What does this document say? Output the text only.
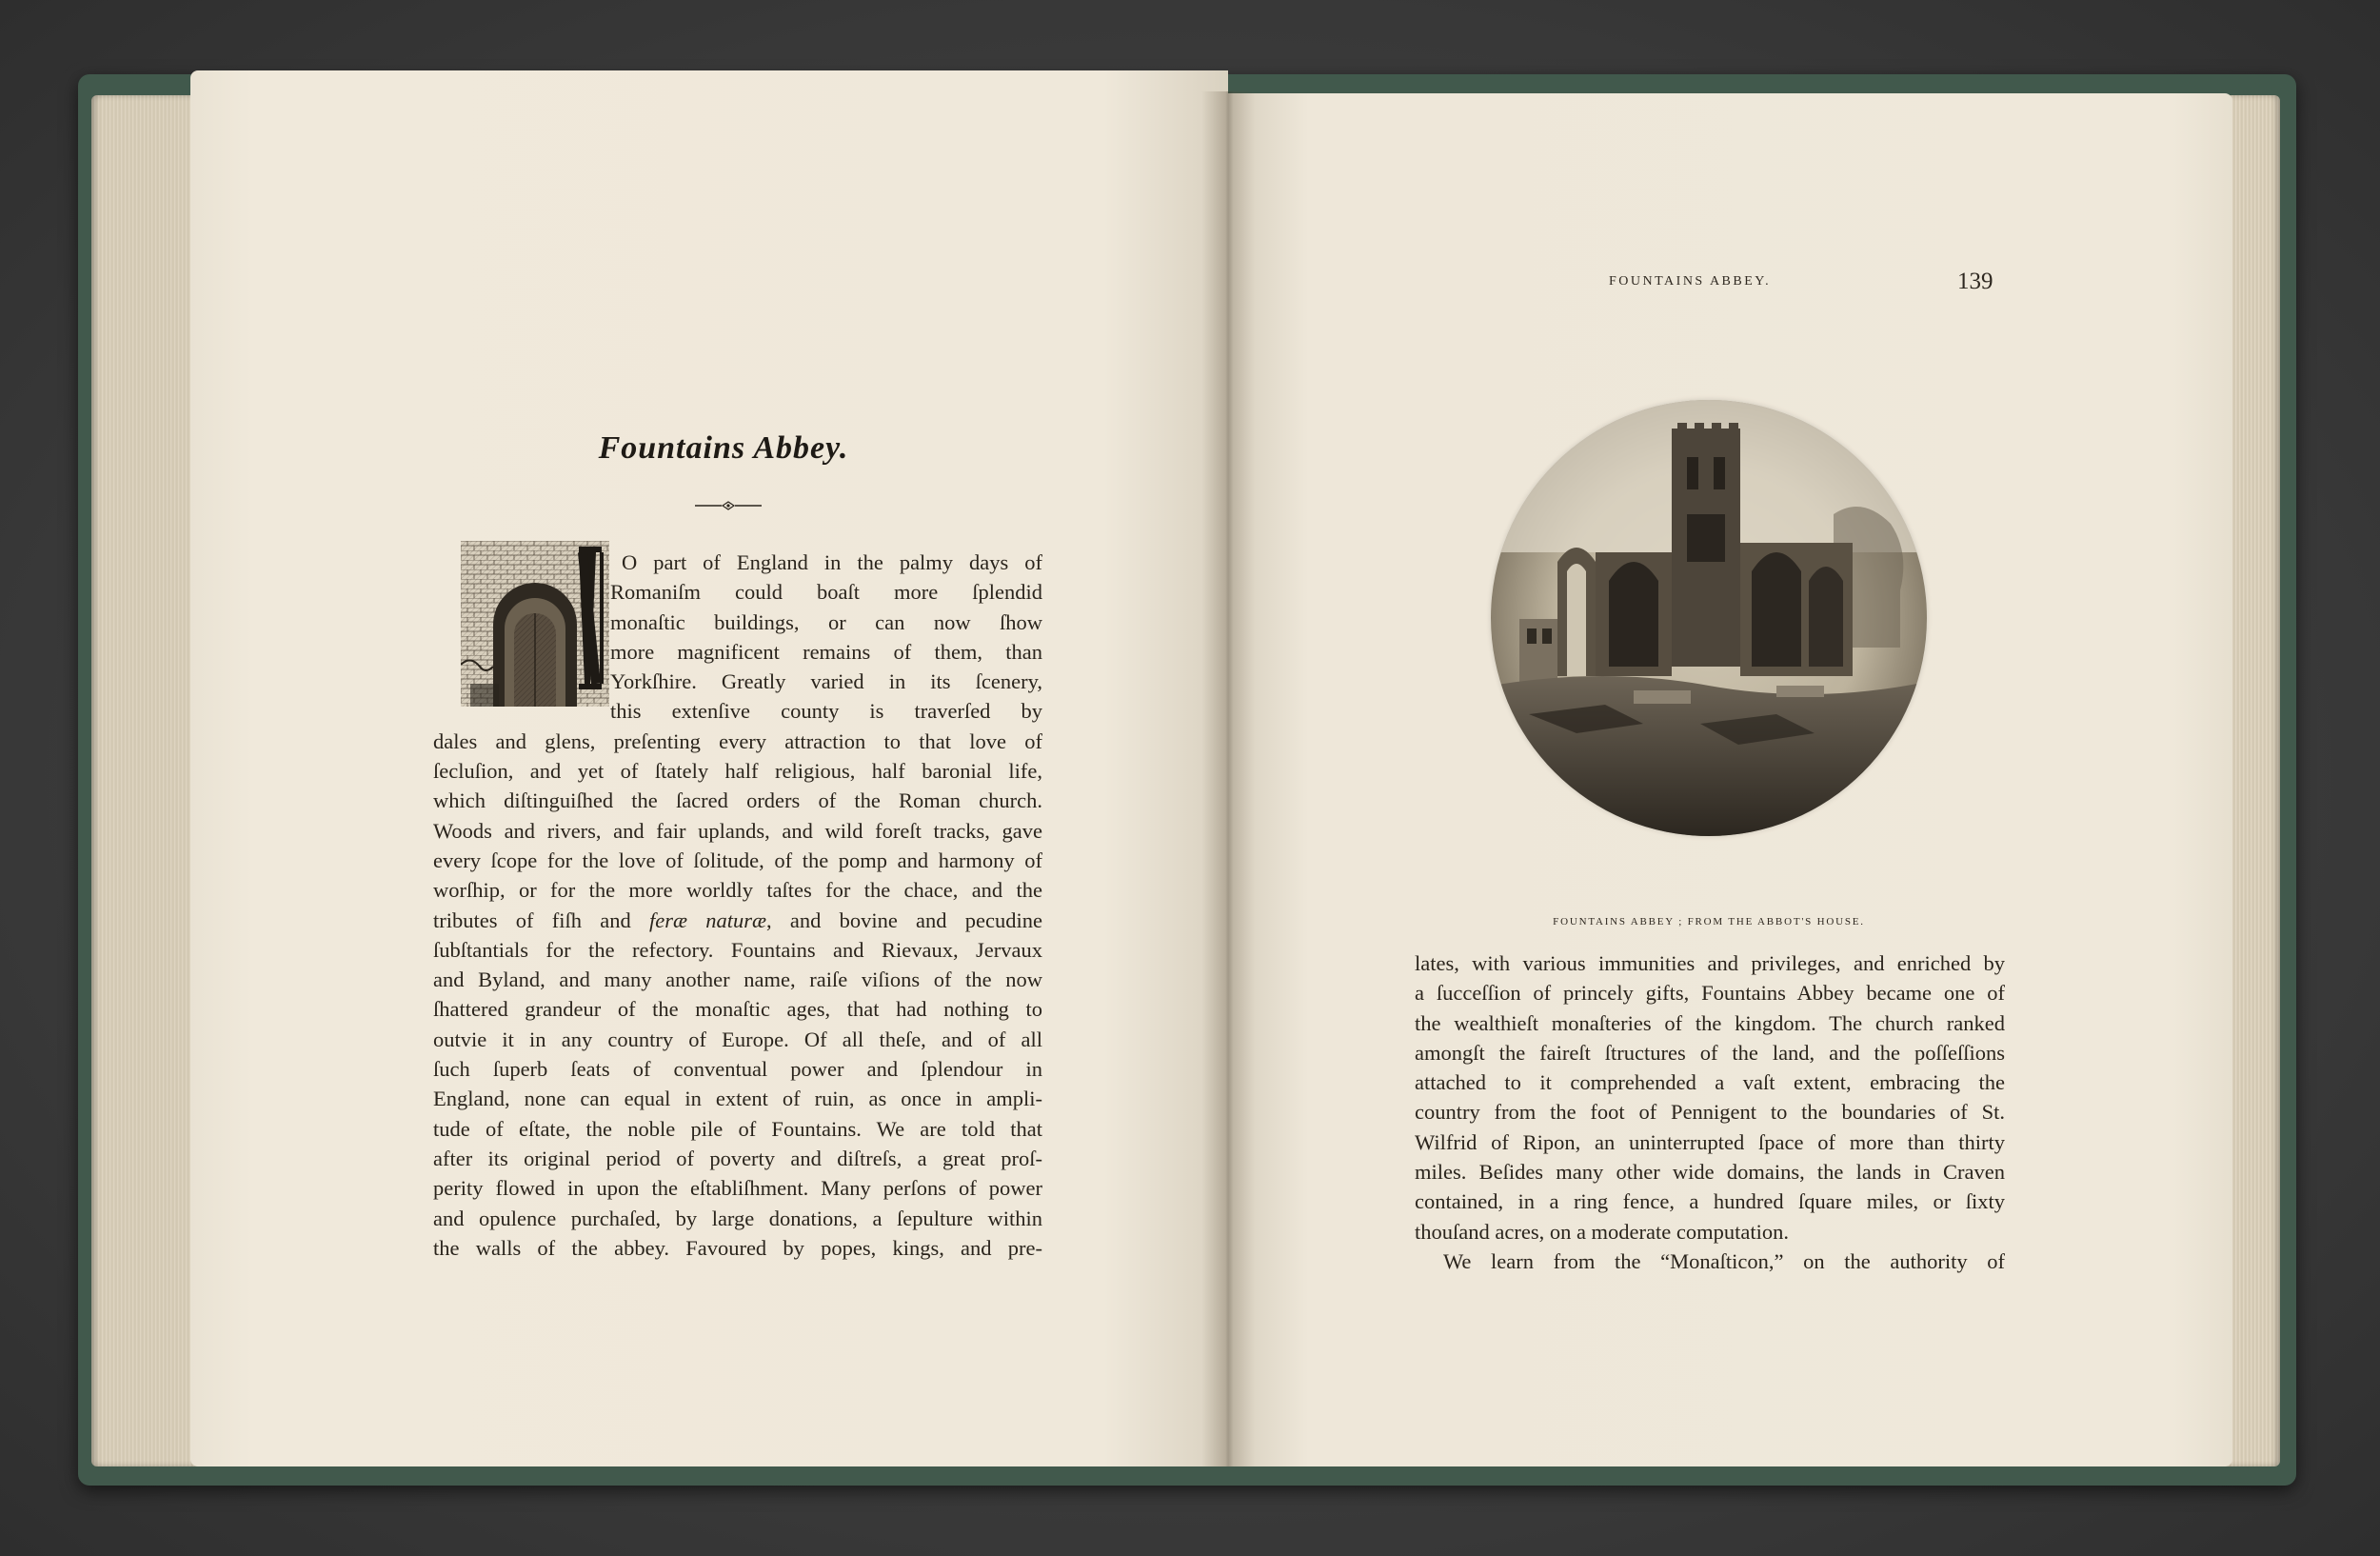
Fountains Abbey.
O part of England in the palmy days of
Romaniſm could boaſt more ſplendid
monaſtic buildings, or can now ſhow
more magnificent remains of them, than
Yorkſhire. Greatly varied in its ſcenery,
this extenſive county is traverſed by
dales and glens, preſenting every attraction to that love of
ſecluſion, and yet of ſtately half religious, half baronial life,
which diſtinguiſhed the ſacred orders of the Roman church.
Woods and rivers, and fair uplands, and wild foreſt tracks, gave
every ſcope for the love of ſolitude, of the pomp and harmony of
worſhip, or for the more worldly taſtes for the chace, and the
tributes of fiſh and feræ naturæ, and bovine and pecudine
ſubſtantials for the refectory. Fountains and Rievaux, Jervaux
and Byland, and many another name, raiſe viſions of the now
ſhattered grandeur of the monaſtic ages, that had nothing to
outvie it in any country of Europe. Of all theſe, and of all
ſuch ſuperb ſeats of conventual power and ſplendour in
England, none can equal in extent of ruin, as once in ampli-
tude of eſtate, the noble pile of Fountains. We are told that
after its original period of poverty and diſtreſs, a great proſ-
perity flowed in upon the eſtabliſhment. Many perſons of power
and opulence purchaſed, by large donations, a ſepulture within
the walls of the abbey. Favoured by popes, kings, and pre-
FOUNTAINS ABBEY.	139
FOUNTAINS ABBEY ; FROM THE ABBOT'S HOUSE.
lates, with various immunities and privileges, and enriched by
a ſucceſſion of princely gifts, Fountains Abbey became one of
the wealthieſt monaſteries of the kingdom. The church ranked
amongſt the faireſt ſtructures of the land, and the poſſeſſions
attached to it comprehended a vaſt extent, embracing the
country from the foot of Pennigent to the boundaries of St.
Wilfrid of Ripon, an uninterrupted ſpace of more than thirty
miles. Beſides many other wide domains, the lands in Craven
contained, in a ring fence, a hundred ſquare miles, or ſixty
thouſand acres, on a moderate computation.
We learn from the “Monaſticon,” on the authority of
